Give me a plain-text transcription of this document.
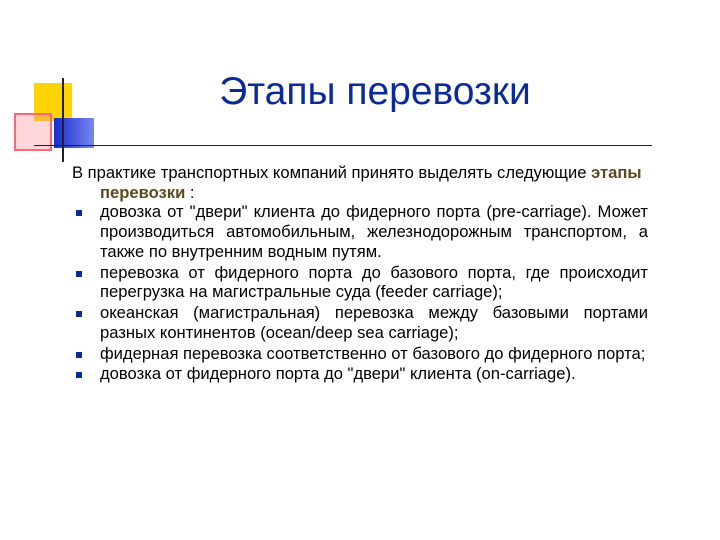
Этапы перевозки

В практике транспортных компаний принято выделять следующие этапы перевозки :

довозка от "двери" клиента до фидерного порта (pre-carriage). Может производиться автомобильным, железнодорожным транспортом, а также по внутренним водным путям.
перевозка от фидерного порта до базового порта, где происходит перегрузка на магистральные суда (feeder carriage);
океанская (магистральная) перевозка между базовыми портами разных континентов (ocean/deep sea carriage);
фидерная перевозка соответственно от базового до фидерного порта;
довозка от фидерного порта до "двери" клиента (on-carriage).
